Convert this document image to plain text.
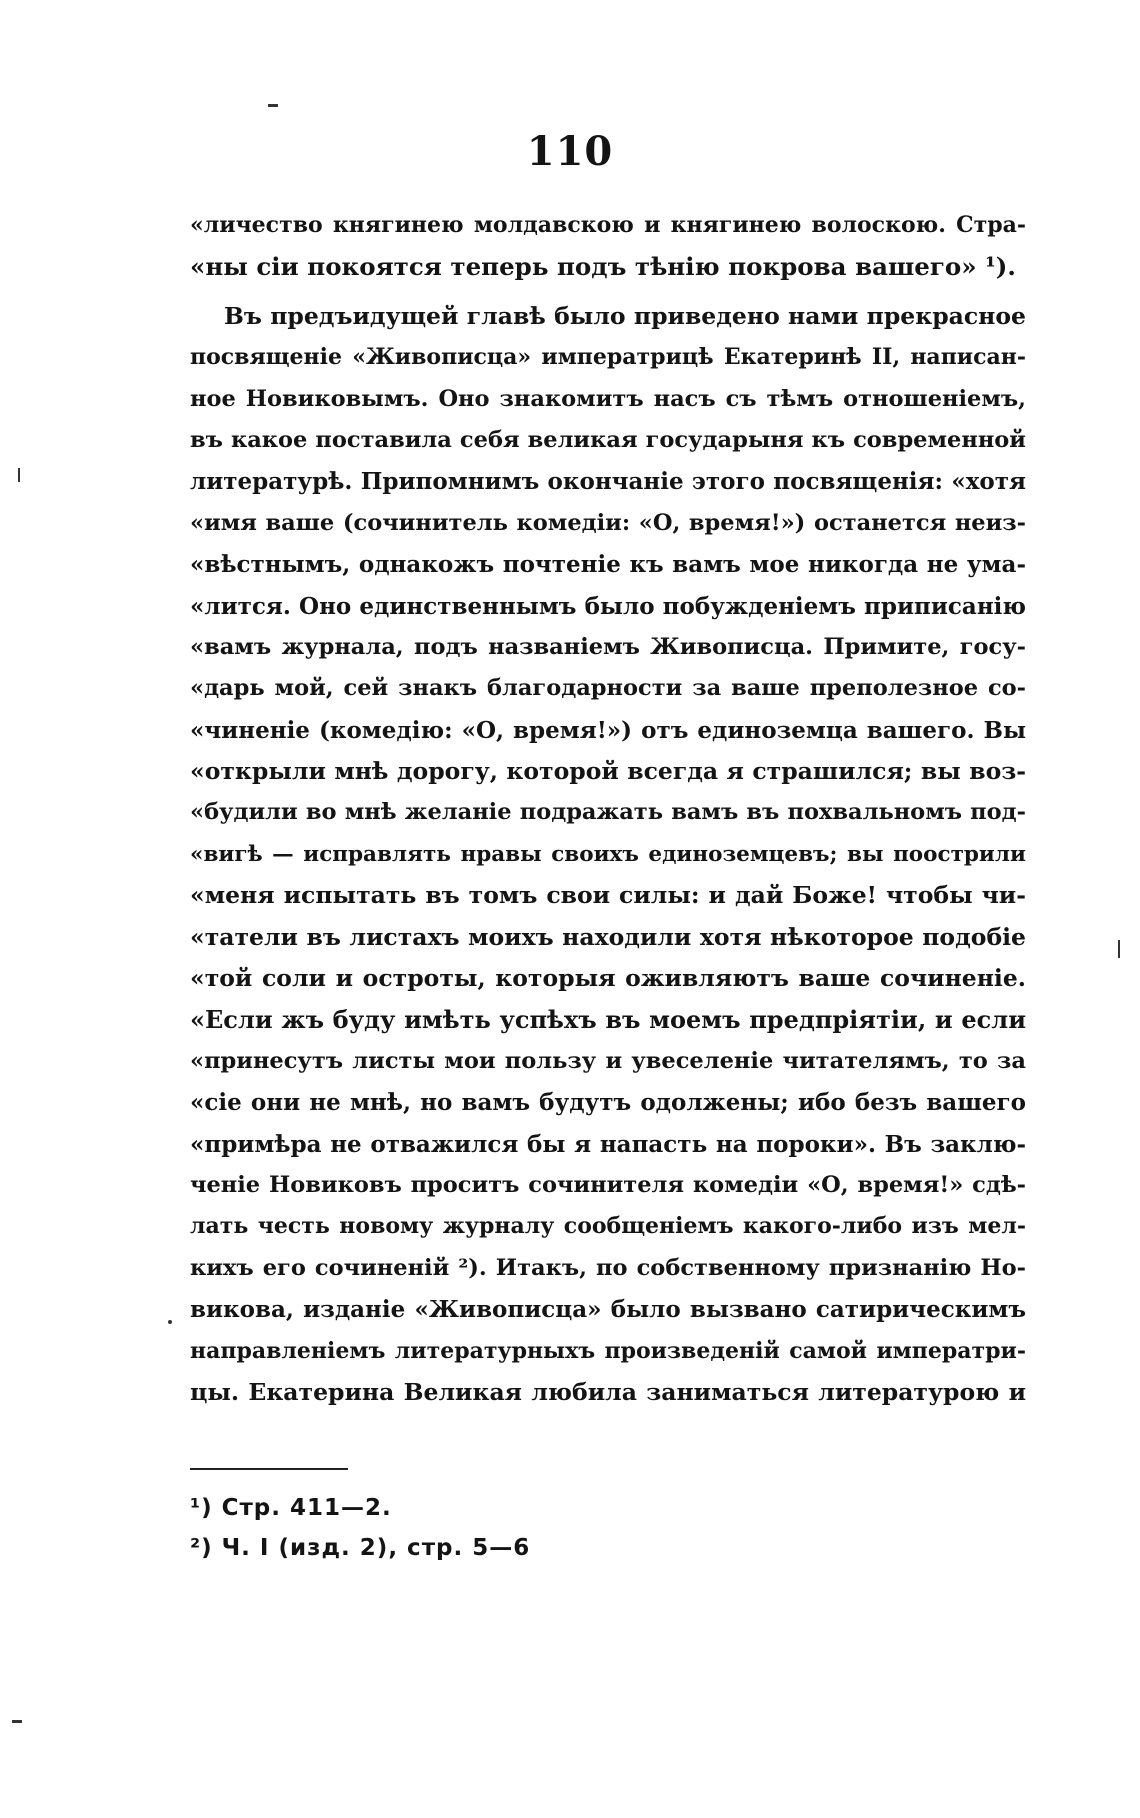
110
«личество княгинею молдавскою и княгинею волоскою. Стра-
«ны сіи покоятся теперь подъ тѣнію покрова вашего» ¹).
Въ предъидущей главѣ было приведено нами прекрасное
посвященіе «Живописца» императрицѣ Екатеринѣ II, написан-
ное Новиковымъ. Оно знакомитъ насъ съ тѣмъ отношеніемъ,
въ какое поставила себя великая государыня къ современной
литературѣ. Припомнимъ окончаніе этого посвященія: «хотя
«имя ваше (сочинитель комедіи: «О, время!») останется неиз-
«вѣстнымъ, однакожъ почтеніе къ вамъ мое никогда не ума-
«лится. Оно единственнымъ было побужденіемъ приписанію
«вамъ журнала, подъ названіемъ Живописца. Примите, госу-
«дарь мой, сей знакъ благодарности за ваше преполезное со-
«чиненіе (комедію: «О, время!») отъ единоземца вашего. Вы
«открыли мнѣ дорогу, которой всегда я страшился; вы воз-
«будили во мнѣ желаніе подражать вамъ въ похвальномъ под-
«вигѣ — исправлять нравы своихъ единоземцевъ; вы поострили
«меня испытать въ томъ свои силы: и дай Боже! чтобы чи-
«татели въ листахъ моихъ находили хотя нѣкоторое подобіе
«той соли и остроты, которыя оживляютъ ваше сочиненіе.
«Если жъ буду имѣть успѣхъ въ моемъ предпріятіи, и если
«принесутъ листы мои пользу и увеселеніе читателямъ, то за
«сіе они не мнѣ, но вамъ будутъ одолжены; ибо безъ вашего
«примѣра не отважился бы я напасть на пороки». Въ заклю-
ченіе Новиковъ проситъ сочинителя комедіи «О, время!» сдѣ-
лать честь новому журналу сообщеніемъ какого-либо изъ мел-
кихъ его сочиненій ²). Итакъ, по собственному признанію Но-
викова, изданіе «Живописца» было вызвано сатирическимъ
направленіемъ литературныхъ произведеній самой императри-
цы. Екатерина Великая любила заниматься литературою и
¹) Стр. 411—2.
²) Ч. I (изд. 2), стр. 5—6
